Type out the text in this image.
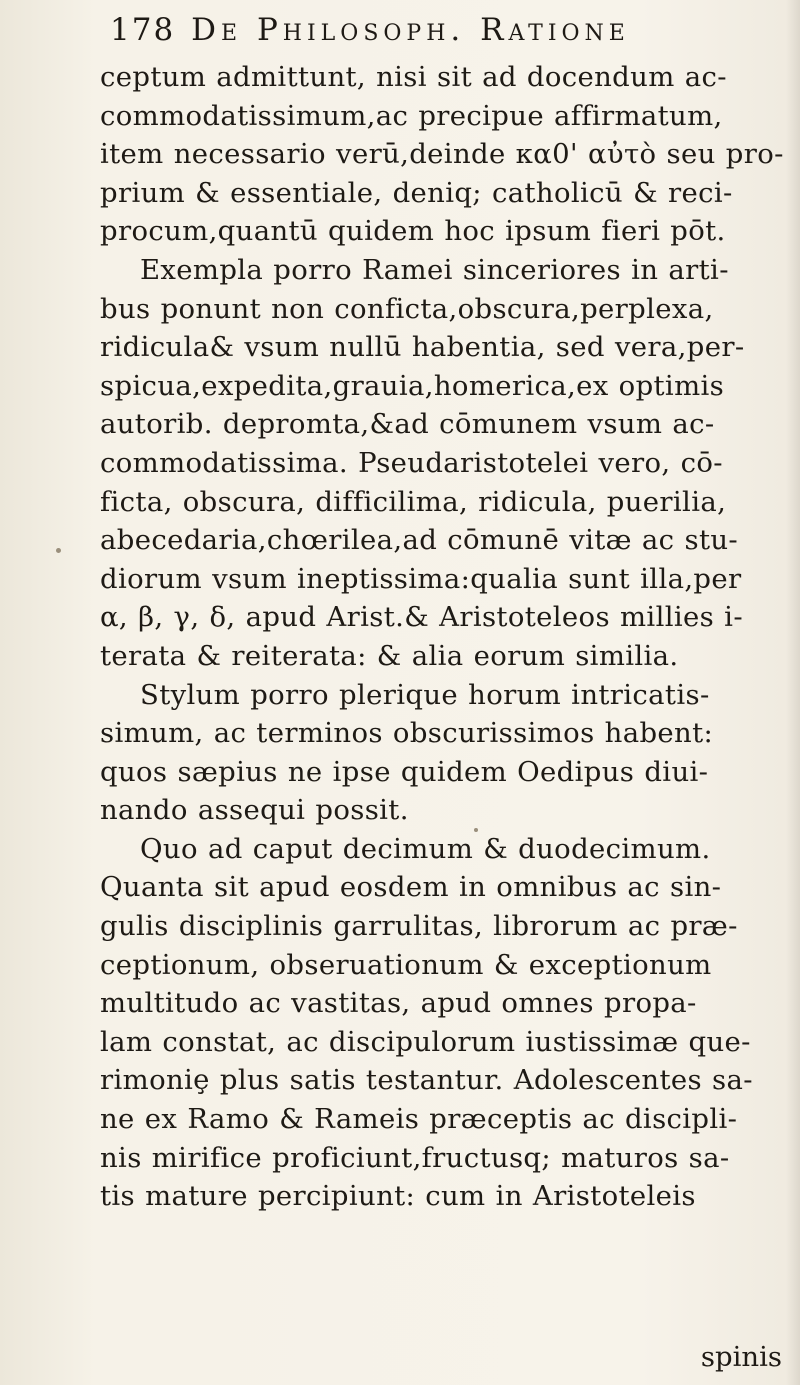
178 De Philosoph. Ratione
ceptum admittunt, nisi sit ad docendum ac-
commodatissimum,ac precipue affirmatum,
item necessario verū,deinde κα0' αὐτὸ seu pro-
prium & essentiale, deniq; catholicū & reci-
procum,quantū quidem hoc ipsum fieri pōt.
Exempla porro Ramei sinceriores in arti-
bus ponunt non conficta,obscura,perplexa,
ridicula& vsum nullū habentia, sed vera,per-
spicua,expedita,grauia,homerica,ex optimis
autorib. depromta,&ad cōmunem vsum ac-
commodatissima. Pseudaristotelei vero, cō-
ficta, obscura, difficilima, ridicula, puerilia,
abecedaria,chœrilea,ad cōmunē vitæ ac stu-
diorum vsum ineptissima:qualia sunt illa,per
α, β, γ, δ, apud Arist.& Aristoteleos millies i-
terata & reiterata: & alia eorum similia.
Stylum porro plerique horum intricatis-
simum, ac terminos obscurissimos habent:
quos sæpius ne ipse quidem Oedipus diui-
nando assequi possit.
Quo ad caput decimum & duodecimum.
Quanta sit apud eosdem in omnibus ac sin-
gulis disciplinis garrulitas, librorum ac præ-
ceptionum, obseruationum & exceptionum
multitudo ac vastitas, apud omnes propa-
lam constat, ac discipulorum iustissimæ que-
rimoniȩ plus satis testantur. Adolescentes sa-
ne ex Ramo & Rameis præceptis ac discipli-
nis mirifice proficiunt,fructusq; maturos sa-
tis mature percipiunt: cum in Aristoteleis
spinis
